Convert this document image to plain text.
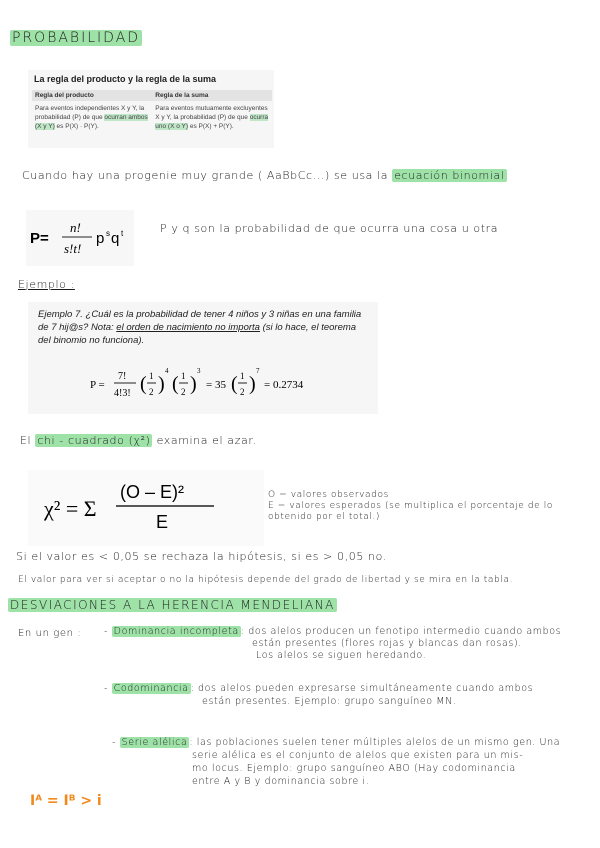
PROBABILIDAD
La regla del producto y la regla de la suma
Regla del producto	Regla de la suma
Para eventos independientes X y Y, la probabilidad (P) de que ocurran ambos (X y Y) es P(X) · P(Y).	Para eventos mutuamente excluyentes X y Y, la probabilidad (P) de que ocurra uno (X o Y) es P(X) + P(Y).
Cuando hay una progenie muy grande ( AaBbCc...) se usa la ecuación binomial
P=
n!
s!t!
p s q t	P y q son la probabilidad de que ocurra una cosa u otra
Ejemplo :
Ejemplo 7. ¿Cuál es la probabilidad de tener 4 niños y 3 niñas en una familia de 7 hij@s? Nota: el orden de nacimiento no importa (si lo hace, el teorema del binomio no funciona).
P =
7!
4!3! ( 1
2 )
4
( 1
2 )
3
= 35 ( 1
2 )
7
= 0.2734
El chi - cuadrado (χ²) examina el azar.
χ² = Σ
(O – E)²
E
O = valores observados
E = valores esperados (se multiplica el porcentaje de lo obtenido por el total.)
Si el valor es < 0,05 se rechaza la hipótesis, si es > 0,05 no.
El valor para ver si aceptar o no la hipótesis depende del grado de libertad y se mira en la tabla.
DESVIACIONES A LA HERENCIA MENDELIANA
En un gen : - Dominancia incompleta : dos alelos producen un fenotipo intermedio cuando ambos
están presentes (flores rojas y blancas dan rosas).
Los alelos se siguen heredando.
- Codominancia : dos alelos pueden expresarse simultáneamente cuando ambos
están presentes. Ejemplo: grupo sanguíneo MN.
- Serie alélica : las poblaciones suelen tener múltiples alelos de un mismo gen. Una
serie alélica es el conjunto de alelos que existen para un mis-
mo locus. Ejemplo: grupo sanguíneo ABO (Hay codominancia
entre A y B y dominancia sobre i.
Iᴬ = Iᴮ > i
